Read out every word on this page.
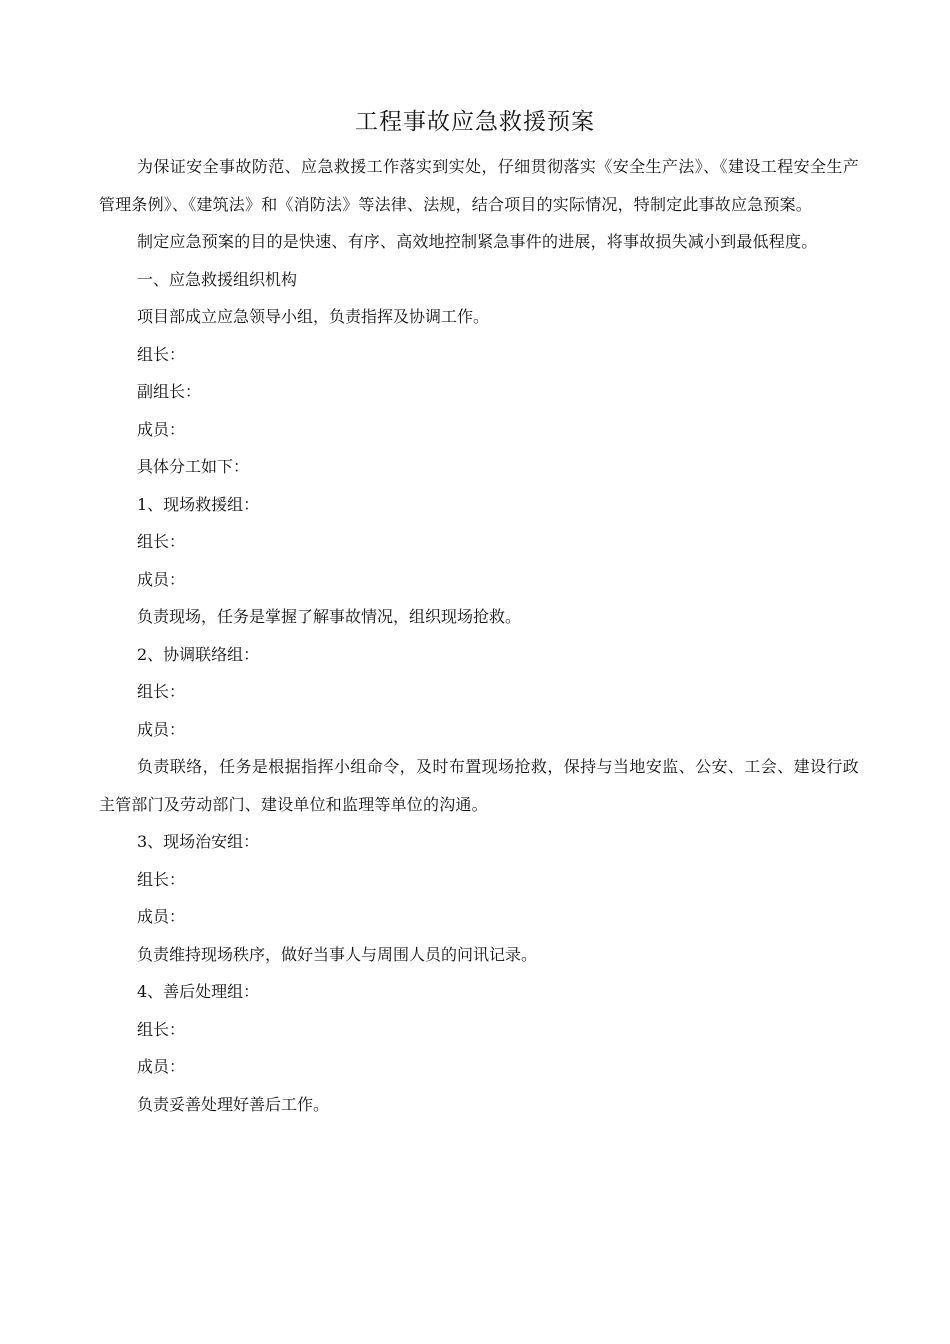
工程事故应急救援预案

为保证安全事故防范、应急救援工作落实到实处，仔细贯彻落实《安全生产法》、《建设工程安全生产管理条例》、《建筑法》和《消防法》等法律、法规，结合项目的实际情况，特制定此事故应急预案。

制定应急预案的目的是快速、有序、高效地控制紧急事件的进展，将事故损失减小到最低程度。

一、应急救援组织机构

项目部成立应急领导小组，负责指挥及协调工作。

组长：

副组长：

成员：

具体分工如下：

1、现场救援组：

组长：

成员：

负责现场，任务是掌握了解事故情况，组织现场抢救。

2、协调联络组：

组长：

成员：

负责联络，任务是根据指挥小组命令，及时布置现场抢救，保持与当地安监、公安、工会、建设行政主管部门及劳动部门、建设单位和监理等单位的沟通。

3、现场治安组：

组长：

成员：

负责维持现场秩序，做好当事人与周围人员的问讯记录。

4、善后处理组：

组长：

成员：

负责妥善处理好善后工作。
